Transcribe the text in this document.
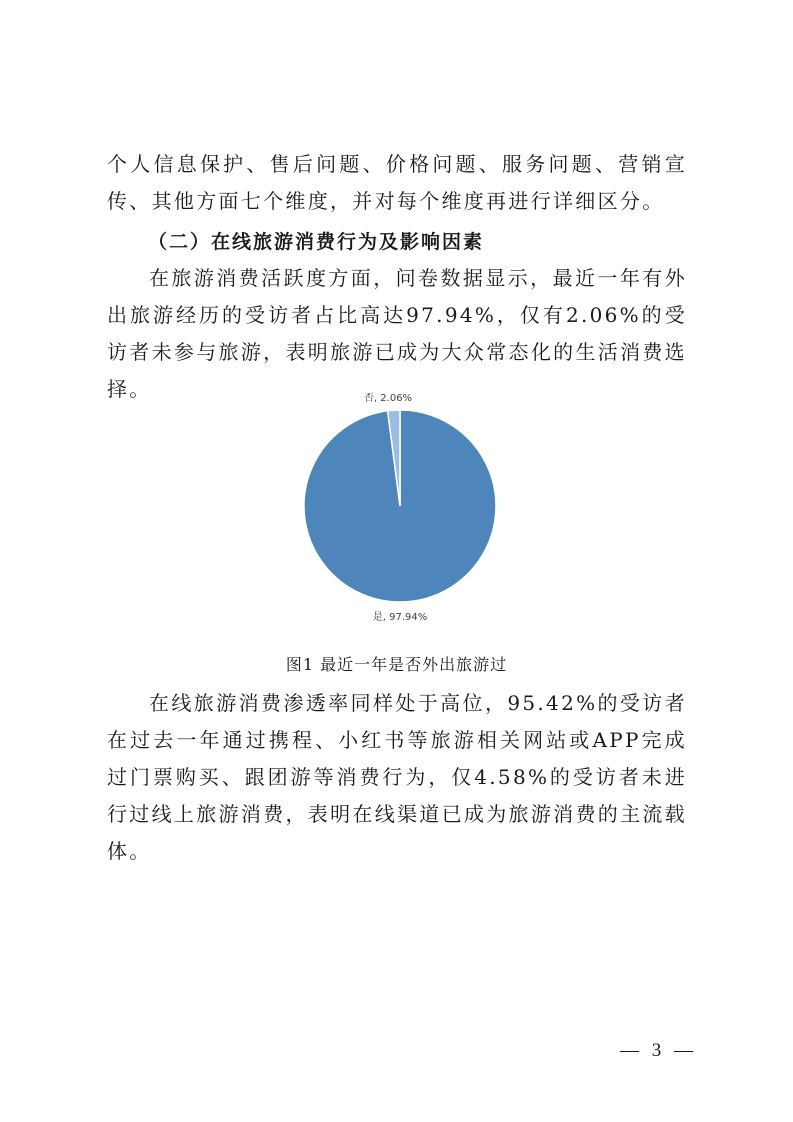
个人信息保护、售后问题、价格问题、服务问题、营销宣传、其他方面七个维度，并对每个维度再进行详细区分。

（二）在线旅游消费行为及影响因素

在旅游消费活跃度方面，问卷数据显示，最近一年有外出旅游经历的受访者占比高达97.94%，仅有2.06%的受访者未参与旅游，表明旅游已成为大众常态化的生活消费选择。	否, 2.06%
是, 97.94%

图1 最近一年是否外出旅游过

在线旅游消费渗透率同样处于高位，95.42%的受访者在过去一年通过携程、小红书等旅游相关网站或APP完成过门票购买、跟团游等消费行为，仅4.58%的受访者未进行过线上旅游消费，表明在线渠道已成为旅游消费的主流载体。

— 3 —
